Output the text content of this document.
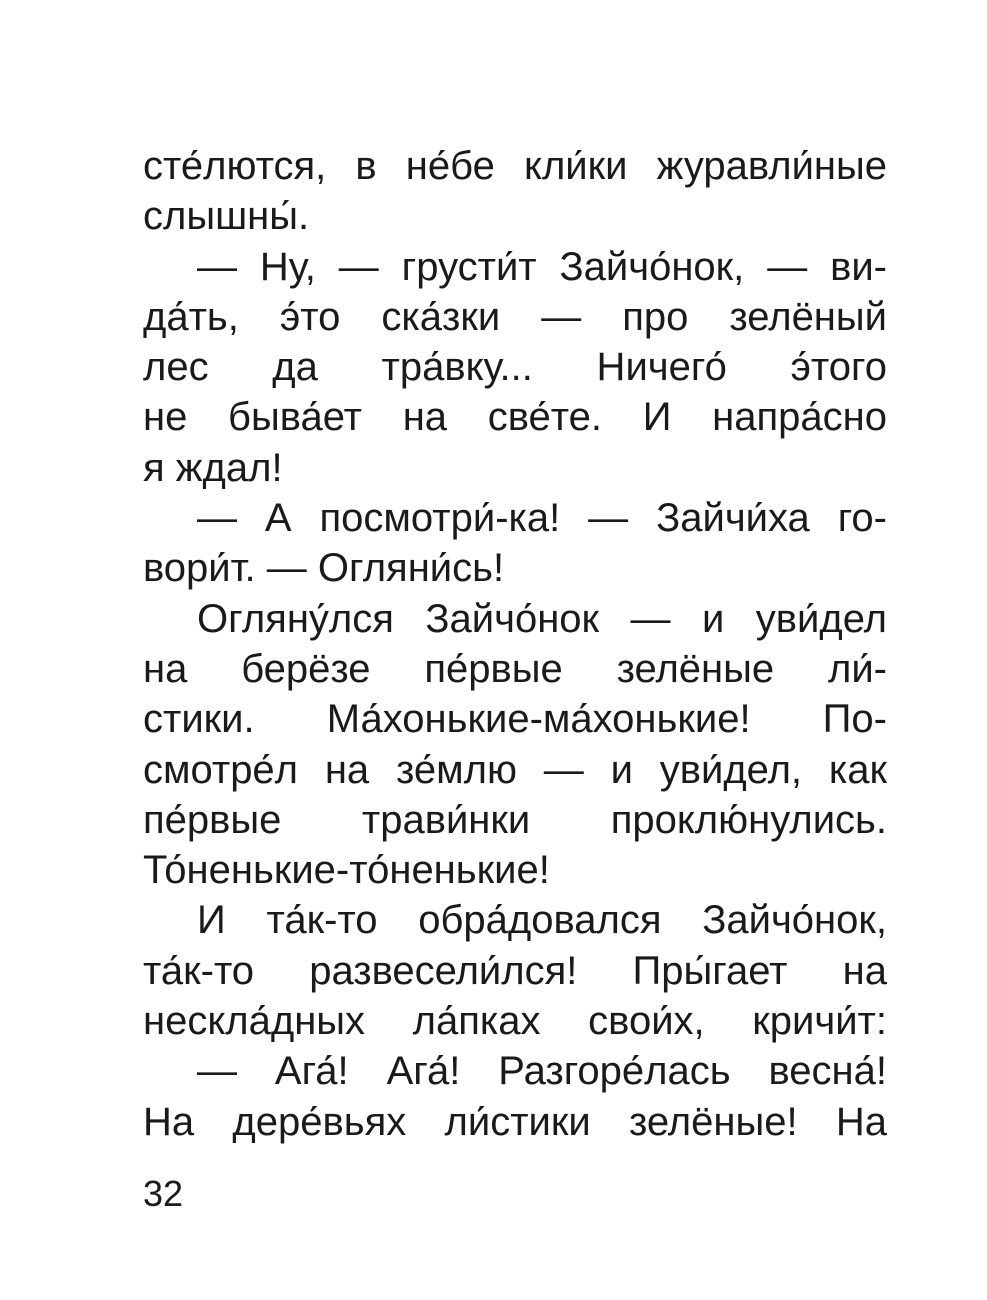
сте́лются, в не́бе кли́ки журавли́ные
слышны́.
— Ну, — грусти́т Зайчо́нок, — ви-
да́ть, э́то ска́зки — про зелёный
лес да тра́вку... Ничего́ э́того
не быва́ет на све́те. И напра́сно
я ждал!
— А посмотри́-ка! — Зайчи́ха го-
вори́т. — Огляни́сь!
Огляну́лся Зайчо́нок — и уви́дел
на берёзе пе́рвые зелёные ли́-
стики. Ма́хонькие-ма́хонькие! По-
смотре́л на зе́млю — и уви́дел, как
пе́рвые трави́нки проклю́нулись.
То́ненькие-то́ненькие!
И та́к-то обра́довался Зайчо́нок,
та́к-то развесели́лся! Пры́гает на
нескла́дных ла́пках свои́х, кричи́т:
— Ага́! Ага́! Разгоре́лась весна́!
На дере́вьях ли́стики зелёные! На
32
